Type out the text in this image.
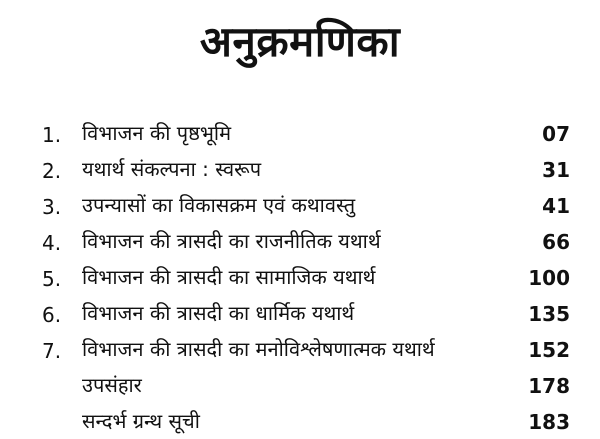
अनुक्रमणिका
1. विभाजन की पृष्ठभूमि	07
2. यथार्थ संकल्पना : स्वरूप	31
3. उपन्यासों का विकासक्रम एवं कथावस्तु	41
4. विभाजन की त्रासदी का राजनीतिक यथार्थ	66
5. विभाजन की त्रासदी का सामाजिक यथार्थ	100
6. विभाजन की त्रासदी का धार्मिक यथार्थ	135
7. विभाजन की त्रासदी का मनोविश्लेषणात्मक यथार्थ	152
उपसंहार	178
सन्दर्भ ग्रन्थ सूची	183
